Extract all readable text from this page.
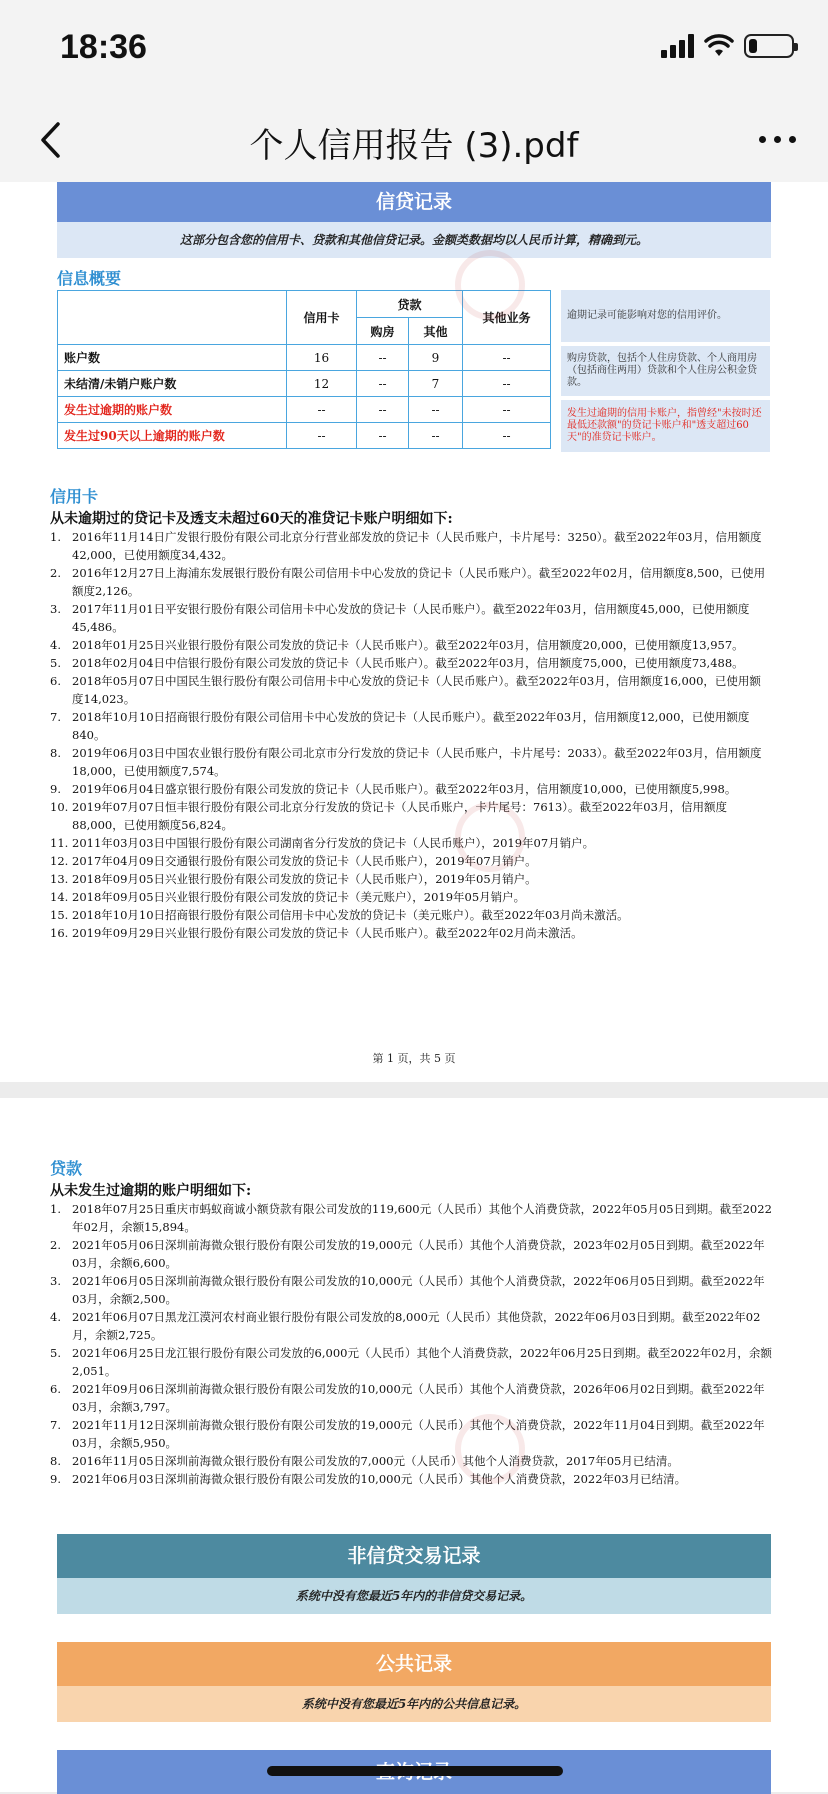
18:36
个人信用报告 (3).pdf
信贷记录
这部分包含您的信用卡、贷款和其他信贷记录。金额类数据均以人民币计算，精确到元。
信息概要
	信用卡	贷款		其他业务
		购房	其他	
账户数	16	--	9	--
未结清/未销户账户数	12	--	7	--
发生过逾期的账户数	--	--	--	--
发生过90天以上逾期的账户数	--	--	--	--
逾期记录可能影响对您的信用评价。
购房贷款，包括个人住房贷款、个人商用房（包括商住两用）贷款和个人住房公积金贷款。
发生过逾期的信用卡账户，指曾经"未按时还最低还款额"的贷记卡账户和"透支超过60天"的准贷记卡账户。
信用卡
从未逾期过的贷记卡及透支未超过60天的准贷记卡账户明细如下:
1. 2016年11月14日广发银行股份有限公司北京分行营业部发放的贷记卡（人民币账户，卡片尾号：3250）。截至2022年03月，信用额度42,000，已使用额度34,432。
2. 2016年12月27日上海浦东发展银行股份有限公司信用卡中心发放的贷记卡（人民币账户）。截至2022年02月，信用额度8,500，已使用额度2,126。
3. 2017年11月01日平安银行股份有限公司信用卡中心发放的贷记卡（人民币账户）。截至2022年03月，信用额度45,000，已使用额度45,486。
4. 2018年01月25日兴业银行股份有限公司发放的贷记卡（人民币账户）。截至2022年03月，信用额度20,000，已使用额度13,957。
5. 2018年02月04日中信银行股份有限公司发放的贷记卡（人民币账户）。截至2022年03月，信用额度75,000，已使用额度73,488。
6. 2018年05月07日中国民生银行股份有限公司信用卡中心发放的贷记卡（人民币账户）。截至2022年03月，信用额度16,000，已使用额度14,023。
7. 2018年10月10日招商银行股份有限公司信用卡中心发放的贷记卡（人民币账户）。截至2022年03月，信用额度12,000，已使用额度840。
8. 2019年06月03日中国农业银行股份有限公司北京市分行发放的贷记卡（人民币账户，卡片尾号：2033）。截至2022年03月，信用额度18,000，已使用额度7,574。
9. 2019年06月04日盛京银行股份有限公司发放的贷记卡（人民币账户）。截至2022年03月，信用额度10,000，已使用额度5,998。
10. 2019年07月07日恒丰银行股份有限公司北京分行发放的贷记卡（人民币账户，卡片尾号：7613）。截至2022年03月，信用额度88,000，已使用额度56,824。
11. 2011年03月03日中国银行股份有限公司湖南省分行发放的贷记卡（人民币账户），2019年07月销户。
12. 2017年04月09日交通银行股份有限公司发放的贷记卡（人民币账户），2019年07月销户。
13. 2018年09月05日兴业银行股份有限公司发放的贷记卡（人民币账户），2019年05月销户。
14. 2018年09月05日兴业银行股份有限公司发放的贷记卡（美元账户），2019年05月销户。
15. 2018年10月10日招商银行股份有限公司信用卡中心发放的贷记卡（美元账户）。截至2022年03月尚未激活。
16. 2019年09月29日兴业银行股份有限公司发放的贷记卡（人民币账户）。截至2022年02月尚未激活。
第 1 页，共 5 页
贷款
从未发生过逾期的账户明细如下:
1. 2018年07月25日重庆市蚂蚁商诚小额贷款有限公司发放的119,600元（人民币）其他个人消费贷款，2022年05月05日到期。截至2022年02月，余额15,894。
2. 2021年05月06日深圳前海微众银行股份有限公司发放的19,000元（人民币）其他个人消费贷款，2023年02月05日到期。截至2022年03月，余额6,600。
3. 2021年06月05日深圳前海微众银行股份有限公司发放的10,000元（人民币）其他个人消费贷款，2022年06月05日到期。截至2022年03月，余额2,500。
4. 2021年06月07日黑龙江漠河农村商业银行股份有限公司发放的8,000元（人民币）其他贷款，2022年06月03日到期。截至2022年02月，余额2,725。
5. 2021年06月25日龙江银行股份有限公司发放的6,000元（人民币）其他个人消费贷款，2022年06月25日到期。截至2022年02月，余额2,051。
6. 2021年09月06日深圳前海微众银行股份有限公司发放的10,000元（人民币）其他个人消费贷款，2026年06月02日到期。截至2022年03月，余额3,797。
7. 2021年11月12日深圳前海微众银行股份有限公司发放的19,000元（人民币）其他个人消费贷款，2022年11月04日到期。截至2022年03月，余额5,950。
8. 2016年11月05日深圳前海微众银行股份有限公司发放的7,000元（人民币）其他个人消费贷款，2017年05月已结清。
9. 2021年06月03日深圳前海微众银行股份有限公司发放的10,000元（人民币）其他个人消费贷款，2022年03月已结清。
非信贷交易记录
系统中没有您最近5年内的非信贷交易记录。
公共记录
系统中没有您最近5年内的公共信息记录。
